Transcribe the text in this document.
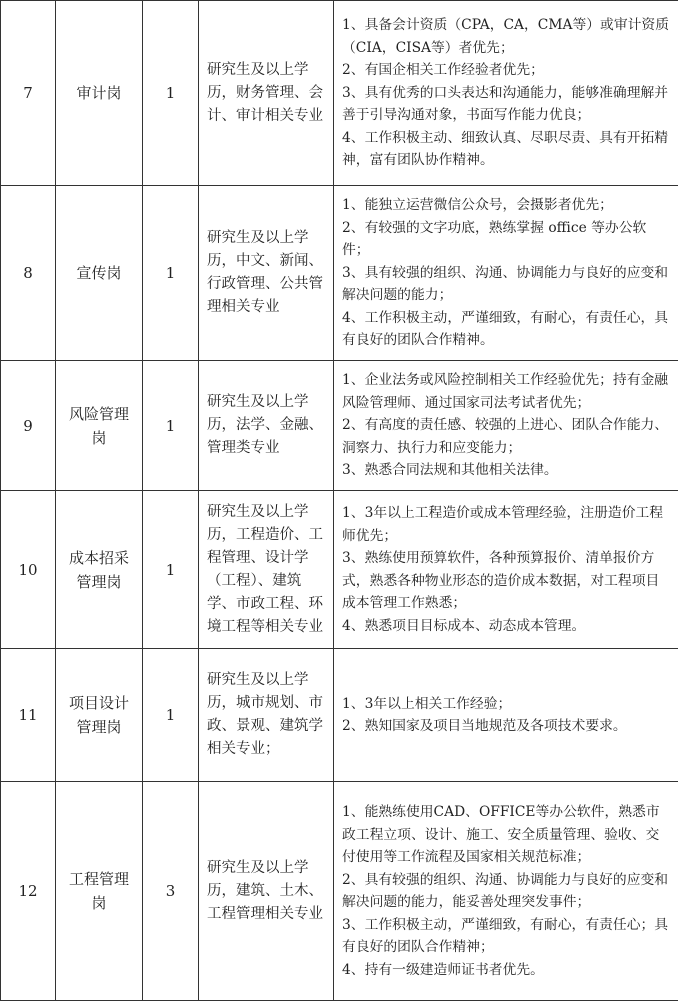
7	审计岗	1	研究生及以上学历，财务管理、会计、审计相关专业	1、具备会计资质（CPA，CA，CMA等）或审计资质（CIA，CISA等）者优先；
2、有国企相关工作经验者优先；
3、具有优秀的口头表达和沟通能力，能够准确理解并善于引导沟通对象，书面写作能力优良；
4、工作积极主动、细致认真、尽职尽责、具有开拓精神，富有团队协作精神。

8	宣传岗	1	研究生及以上学历，中文、新闻、行政管理、公共管理相关专业	1、能独立运营微信公众号，会摄影者优先；
2、有较强的文字功底，熟练掌握 office 等办公软件；
3、具有较强的组织、沟通、协调能力与良好的应变和解决问题的能力；
4、工作积极主动，严谨细致，有耐心，有责任心，具有良好的团队合作精神。

9	风险管理岗	1	研究生及以上学历，法学、金融、管理类专业	1、企业法务或风险控制相关工作经验优先；持有金融风险管理师、通过国家司法考试者优先；
2、有高度的责任感、较强的上进心、团队合作能力、洞察力、执行力和应变能力；
3、熟悉合同法规和其他相关法律。

10	成本招采管理岗	1	研究生及以上学历，工程造价、工程管理、设计学（工程）、建筑学、市政工程、环境工程等相关专业	1、3年以上工程造价或成本管理经验，注册造价工程师优先；
3、熟练使用预算软件，各种预算报价、清单报价方式，熟悉各种物业形态的造价成本数据，对工程项目成本管理工作熟悉；
4、熟悉项目目标成本、动态成本管理。

11	项目设计管理岗	1	研究生及以上学历，城市规划、市政、景观、建筑学相关专业；	1、3年以上相关工作经验；
2、熟知国家及项目当地规范及各项技术要求。

12	工程管理岗	3	研究生及以上学历，建筑、土木、工程管理相关专业	1、能熟练使用CAD、OFFICE等办公软件，熟悉市政工程立项、设计、施工、安全质量管理、验收、交付使用等工作流程及国家相关规范标准；
2、具有较强的组织、沟通、协调能力与良好的应变和解决问题的能力，能妥善处理突发事件；
3、工作积极主动，严谨细致，有耐心，有责任心；具有良好的团队合作精神；
4、持有一级建造师证书者优先。
